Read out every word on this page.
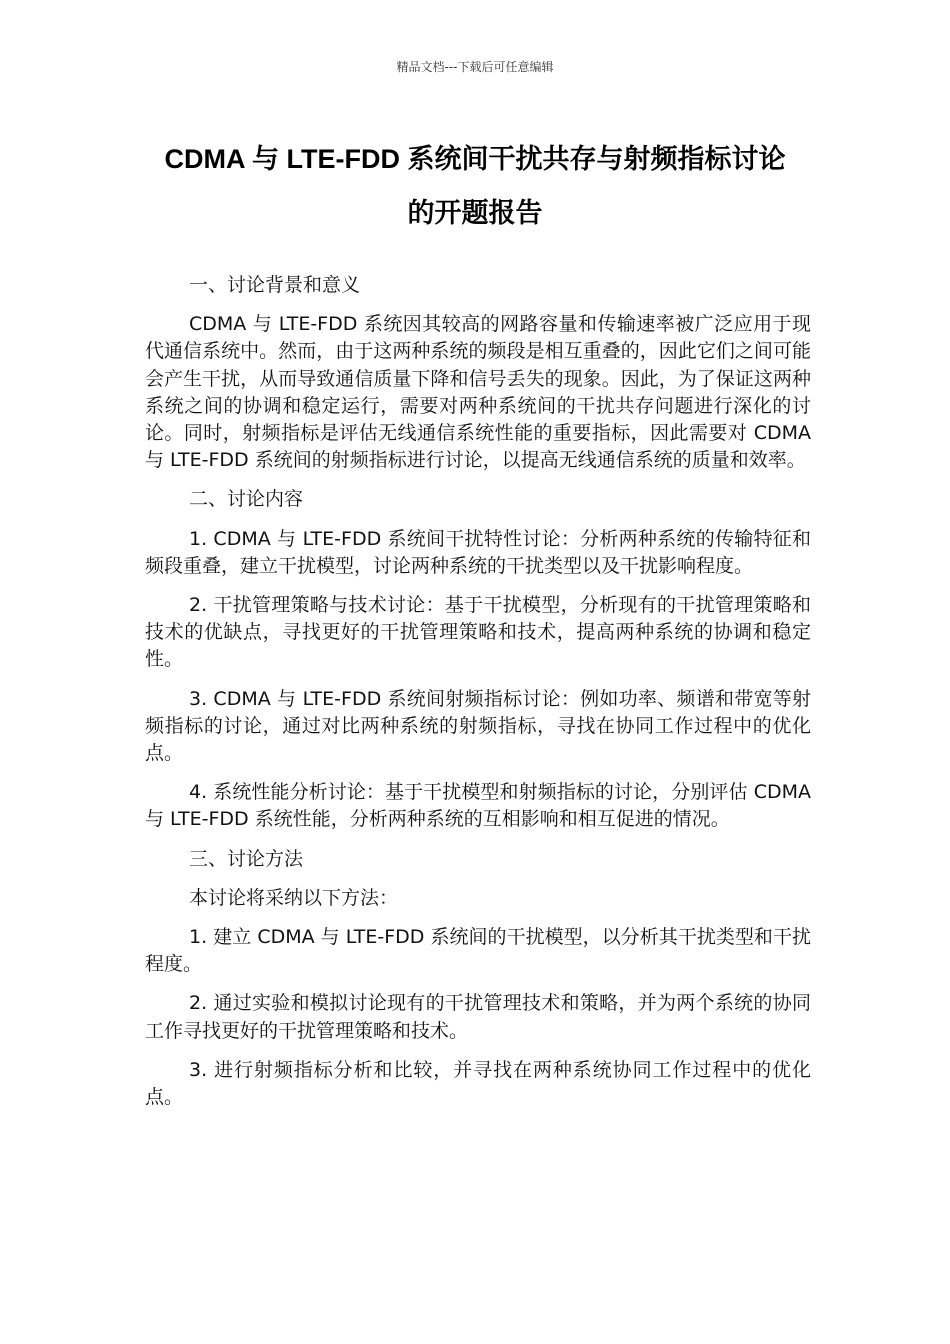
精品文档---下载后可任意编辑
CDMA 与 LTE-FDD 系统间干扰共存与射频指标讨论
的开题报告

一、讨论背景和意义

CDMA 与 LTE-FDD 系统因其较高的网路容量和传输速率被广泛应用于现代通信系统中。然而，由于这两种系统的频段是相互重叠的，因此它们之间可能会产生干扰，从而导致通信质量下降和信号丢失的现象。因此，为了保证这两种系统之间的协调和稳定运行，需要对两种系统间的干扰共存问题进行深化的讨论。同时，射频指标是评估无线通信系统性能的重要指标，因此需要对 CDMA 与 LTE-FDD 系统间的射频指标进行讨论，以提高无线通信系统的质量和效率。

二、讨论内容

1. CDMA 与 LTE-FDD 系统间干扰特性讨论：分析两种系统的传输特征和频段重叠，建立干扰模型，讨论两种系统的干扰类型以及干扰影响程度。

2. 干扰管理策略与技术讨论：基于干扰模型，分析现有的干扰管理策略和技术的优缺点，寻找更好的干扰管理策略和技术，提高两种系统的协调和稳定性。

3. CDMA 与 LTE-FDD 系统间射频指标讨论：例如功率、频谱和带宽等射频指标的讨论，通过对比两种系统的射频指标，寻找在协同工作过程中的优化点。

4. 系统性能分析讨论：基于干扰模型和射频指标的讨论，分别评估 CDMA 与 LTE-FDD 系统性能，分析两种系统的互相影响和相互促进的情况。

三、讨论方法

本讨论将采纳以下方法：

1. 建立 CDMA 与 LTE-FDD 系统间的干扰模型，以分析其干扰类型和干扰程度。

2. 通过实验和模拟讨论现有的干扰管理技术和策略，并为两个系统的协同工作寻找更好的干扰管理策略和技术。

3. 进行射频指标分析和比较，并寻找在两种系统协同工作过程中的优化点。
